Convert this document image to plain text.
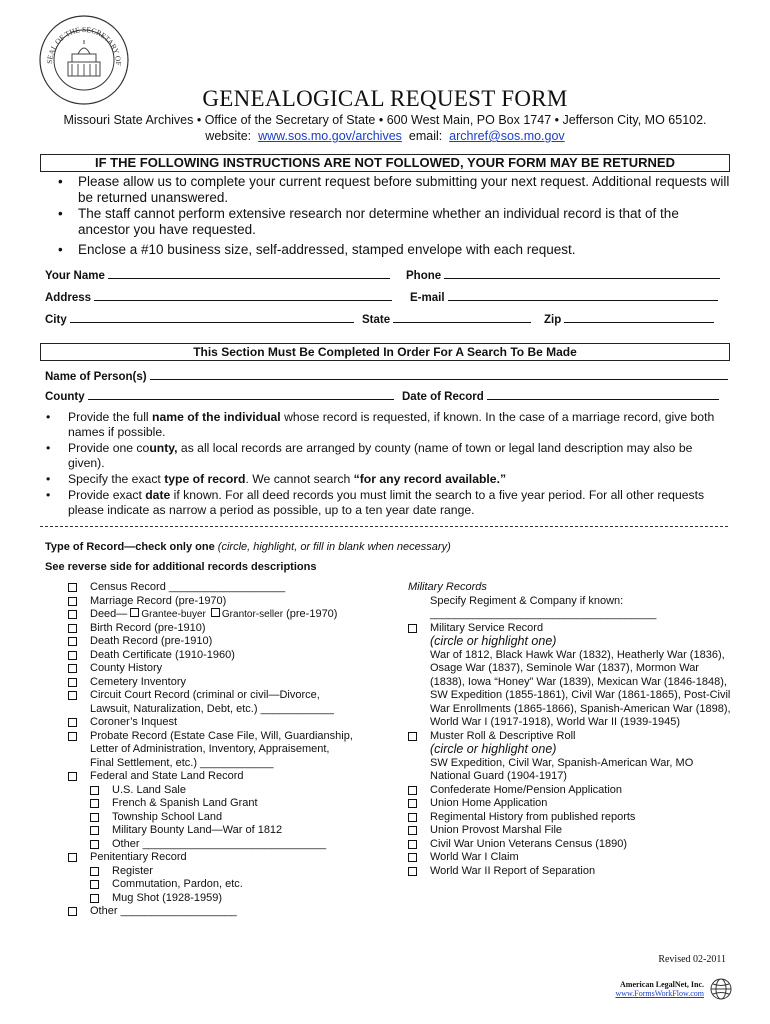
SEAL OF THE SECRETARY OF
GENEALOGICAL REQUEST FORM
Missouri State Archives • Office of the Secretary of State • 600 West Main, PO Box 1747 • Jefferson City, MO 65102.
website: www.sos.mo.gov/archives email: archref@sos.mo.gov
IF THE FOLLOWING INSTRUCTIONS ARE NOT FOLLOWED, YOUR FORM MAY BE RETURNED
• Please allow us to complete your current request before submitting your next request. Additional requests will be returned unanswered.
• The staff cannot perform extensive research nor determine whether an individual record is that of the ancestor you have requested.
• Enclose a #10 business size, self-addressed, stamped envelope with each request.
Your Name	Phone
Address	E-mail
City	State	Zip
This Section Must Be Completed In Order For A Search To Be Made
Name of Person(s)
County	Date of Record
• Provide the full name of the individual whose record is requested, if known. In the case of a marriage record, give both names if possible.
• Provide one county, as all local records are arranged by county (name of town or legal land description may also be given).
• Specify the exact type of record. We cannot search “for any record available.”
• Provide exact date if known. For all deed records you must limit the search to a five year period. For all other requests please indicate as narrow a period as possible, up to a ten year date range.
Type of Record—check only one (circle, highlight, or fill in blank when necessary)
See reverse side for additional records descriptions
Census Record ___________________
Marriage Record (pre-1970)
Deed— Grantee-buyer Grantor-seller (pre-1970)
Birth Record (pre-1910)
Death Record (pre-1910)
Death Certificate (1910-1960)
County History
Cemetery Inventory
Circuit Court Record (criminal or civil—Divorce,
Lawsuit, Naturalization, Debt, etc.) ____________
Coroner’s Inquest
Probate Record (Estate Case File, Will, Guardianship,
Letter of Administration, Inventory, Appraisement,
Final Settlement, etc.) ____________
Federal and State Land Record
U.S. Land Sale
French & Spanish Land Grant
Township School Land
Military Bounty Land—War of 1812
Other ______________________________
Penitentiary Record
Register
Commutation, Pardon, etc.
Mug Shot (1928-1959)
Other ___________________
Military Records
Specify Regiment & Company if known:
_____________________________________
Military Service Record
(circle or highlight one)
War of 1812, Black Hawk War (1832), Heatherly War (1836), Osage War (1837), Seminole War (1837), Mormon War (1838), Iowa “Honey” War (1839), Mexican War (1846-1848), SW Expedition (1855-1861), Civil War (1861-1865), Post-Civil War Enrollments (1865-1866), Spanish-American War (1898), World War I (1917-1918), World War II (1939-1945)
Muster Roll & Descriptive Roll
(circle or highlight one)
SW Expedition, Civil War, Spanish-American War, MO National Guard (1904-1917)
Confederate Home/Pension Application
Union Home Application
Regimental History from published reports
Union Provost Marshal File
Civil War Union Veterans Census (1890)
World War I Claim
World War II Report of Separation
Revised 02-2011
American LegalNet, Inc.
www.FormsWorkFlow.com
